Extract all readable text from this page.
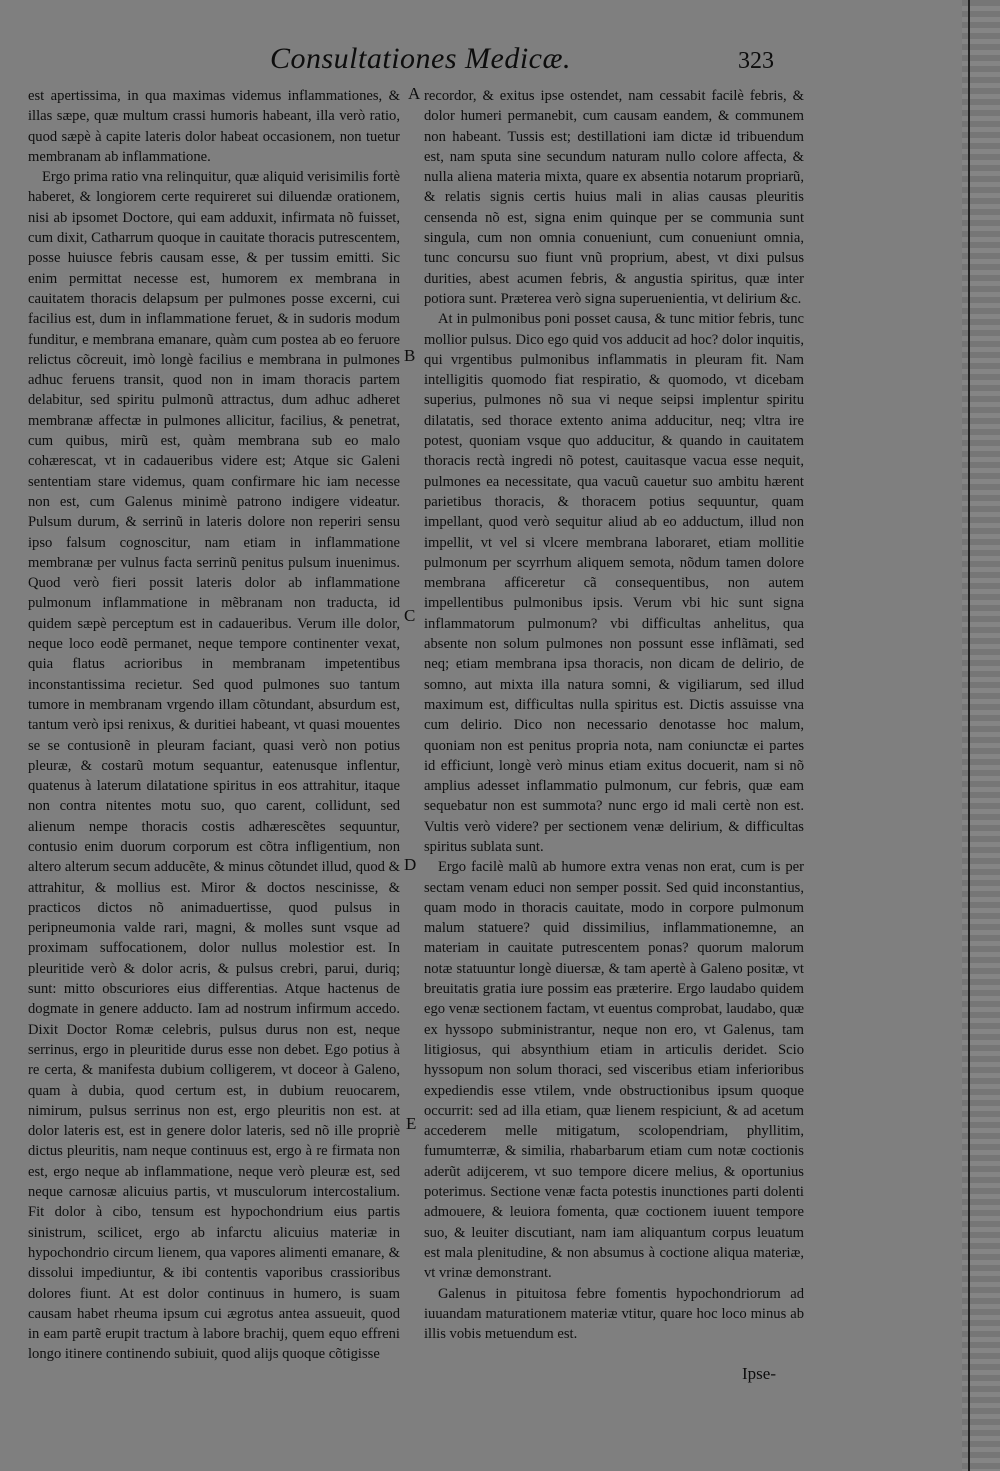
Consultationes Medicæ.	323

est apertissima, in qua maximas videmus inflammationes, & illas sæpe, quæ multum crassi humoris habeant, illa verò ratio, quod sæpè à capite lateris dolor habeat occasionem, non tuetur membranam ab inflammatione.

Ergo prima ratio vna relinquitur, quæ aliquid verisimilis fortè haberet, & longiorem certe requireret sui diluendæ orationem, nisi ab ipsomet Doctore, qui eam adduxit, infirmata nõ fuisset, cum dixit, Catharrum quoque in cauitate thoracis putrescentem, posse huiusce febris causam esse, & per tussim emitti. Sic enim permittat necesse est, humorem ex membrana in cauitatem thoracis delapsum per pulmones posse excerni, cui facilius est, dum in inflammatione feruet, & in sudoris modum funditur, e membrana emanare, quàm cum postea ab eo feruore relictus cõcreuit, imò longè facilius e membrana in pulmones adhuc feruens transit, quod non in imam thoracis partem delabitur, sed spiritu pulmonũ attractus, dum adhuc adheret membranæ affectæ in pulmones allicitur, facilius, & penetrat, cum quibus, mirũ est, quàm membrana sub eo malo cohærescat, vt in cadaueribus videre est; Atque sic Galeni sententiam stare videmus, quam confirmare hic iam necesse non est, cum Galenus minimè patrono indigere videatur. Pulsum durum, & serrinũ in lateris dolore non reperiri sensu ipso falsum cognoscitur, nam etiam in inflammatione membranæ per vulnus facta serrinũ penitus pulsum inuenimus. Quod verò fieri possit lateris dolor ab inflammatione pulmonum inflammatione in mẽbranam non traducta, id quidem sæpè perceptum est in cadaueribus. Verum ille dolor, neque loco eodẽ permanet, neque tempore continenter vexat, quia flatus acrioribus in membranam impetentibus inconstantissima recietur. Sed quod pulmones suo tantum tumore in membranam vrgendo illam cõtundant, absurdum est, tantum verò ipsi renixus, & duritiei habeant, vt quasi mouentes se se contusionẽ in pleuram faciant, quasi verò non potius pleuræ, & costarũ motum sequantur, eatenusque inflentur, quatenus à laterum dilatatione spiritus in eos attrahitur, itaque non contra nitentes motu suo, quo carent, collidunt, sed alienum nempe thoracis costis adhærescẽtes sequuntur, contusio enim duorum corporum est cõtra infligentium, non altero alterum secum adducẽte, & minus cõtundet illud, quod & attrahitur, & mollius est. Miror & doctos nescinisse, & practicos dictos nõ animaduertisse, quod pulsus in peripneumonia valde rari, magni, & molles sunt vsque ad proximam suffocationem, dolor nullus molestior est. In pleuritide verò & dolor acris, & pulsus crebri, parui, duriq; sunt: mitto obscuriores eius differentias. Atque hactenus de dogmate in genere adducto. Iam ad nostrum infirmum accedo. Dixit Doctor Romæ celebris, pulsus durus non est, neque serrinus, ergo in pleuritide durus esse non debet. Ego potius à re certa, & manifesta dubium colligerem, vt doceor à Galeno, quam à dubia, quod certum est, in dubium reuocarem, nimirum, pulsus serrinus non est, ergo pleuritis non est. at dolor lateris est, est in genere dolor lateris, sed nõ ille propriè dictus pleuritis, nam neque continuus est, ergo à re firmata non est, ergo neque ab inflammatione, neque verò pleuræ est, sed neque carnosæ alicuius partis, vt musculorum intercostalium. Fit dolor à cibo, tensum est hypochondrium eius partis sinistrum, scilicet, ergo ab infarctu alicuius materiæ in hypochondrio circum lienem, qua vapores alimenti emanare, & dissolui impediuntur, & ibi contentis vaporibus crassioribus dolores fiunt. At est dolor continuus in humero, is suam causam habet rheuma ipsum cui ægrotus antea assueuit, quod in eam partẽ erupit tractum à labore brachij, quem equo effreni longo itinere continendo subiuit, quod alijs quoque cõtigisse

A
B
C
D
E

recordor, & exitus ipse ostendet, nam cessabit facilè febris, & dolor humeri permanebit, cum causam eandem, & communem non habeant. Tussis est; destillationi iam dictæ id tribuendum est, nam sputa sine secundum naturam nullo colore affecta, & nulla aliena materia mixta, quare ex absentia notarum propriarũ, & relatis signis certis huius mali in alias causas pleuritis censenda nõ est, signa enim quinque per se communia sunt singula, cum non omnia conueniunt, cum conueniunt omnia, tunc concursu suo fiunt vnũ proprium, abest, vt dixi pulsus durities, abest acumen febris, & angustia spiritus, quæ inter potiora sunt. Præterea verò signa superuenientia, vt delirium &c.

At in pulmonibus poni posset causa, & tunc mitior febris, tunc mollior pulsus. Dico ego quid vos adducit ad hoc? dolor inquitis, qui vrgentibus pulmonibus inflammatis in pleuram fit. Nam intelligitis quomodo fiat respiratio, & quomodo, vt dicebam superius, pulmones nõ sua vi neque seipsi implentur spiritu dilatatis, sed thorace extento anima adducitur, neq; vltra ire potest, quoniam vsque quo adducitur, & quando in cauitatem thoracis rectà ingredi nõ potest, cauitasque vacua esse nequit, pulmones ea necessitate, qua vacuũ cauetur suo ambitu hærent parietibus thoracis, & thoracem potius sequuntur, quam impellant, quod verò sequitur aliud ab eo adductum, illud non impellit, vt vel si vlcere membrana laboraret, etiam mollitie pulmonum per scyrrhum aliquem semota, nõdum tamen dolore membrana afficeretur cã consequentibus, non autem impellentibus pulmonibus ipsis. Verum vbi hic sunt signa inflammatorum pulmonum? vbi difficultas anhelitus, qua absente non solum pulmones non possunt esse inflãmati, sed neq; etiam membrana ipsa thoracis, non dicam de delirio, de somno, aut mixta illa natura somni, & vigiliarum, sed illud maximum est, difficultas nulla spiritus est. Dictis assuisse vna cum delirio. Dico non necessario denotasse hoc malum, quoniam non est penitus propria nota, nam coniunctæ ei partes id efficiunt, longè verò minus etiam exitus docuerit, nam si nõ amplius adesset inflammatio pulmonum, cur febris, quæ eam sequebatur non est summota? nunc ergo id mali certè non est. Vultis verò videre? per sectionem venæ delirium, & difficultas spiritus sublata sunt.

Ergo facilè malũ ab humore extra venas non erat, cum is per sectam venam educi non semper possit. Sed quid inconstantius, quam modo in thoracis cauitate, modo in corpore pulmonum malum statuere? quid dissimilius, inflammationemne, an materiam in cauitate putrescentem ponas? quorum malorum notæ statuuntur longè diuersæ, & tam apertè à Galeno positæ, vt breuitatis gratia iure possim eas præterire. Ergo laudabo quidem ego venæ sectionem factam, vt euentus comprobat, laudabo, quæ ex hyssopo subministrantur, neque non ero, vt Galenus, tam litigiosus, qui absynthium etiam in articulis deridet. Scio hyssopum non solum thoraci, sed visceribus etiam inferioribus expediendis esse vtilem, vnde obstructionibus ipsum quoque occurrit: sed ad illa etiam, quæ lienem respiciunt, & ad acetum accederem melle mitigatum, scolopendriam, phyllitim, fumumterræ, & similia, rhabarbarum etiam cum notæ coctionis aderũt adijcerem, vt suo tempore dicere melius, & oportunius poterimus. Sectione venæ facta potestis inunctiones parti dolenti admouere, & leuiora fomenta, quæ coctionem iuuent tempore suo, & leuiter discutiant, nam iam aliquantum corpus leuatum est mala plenitudine, & non absumus à coctione aliqua materiæ, vt vrinæ demonstrant.

Galenus in pituitosa febre fomentis hypochondriorum ad iuuandam maturationem materiæ vtitur, quare hoc loco minus ab illis vobis metuendum est.

Ipse-
